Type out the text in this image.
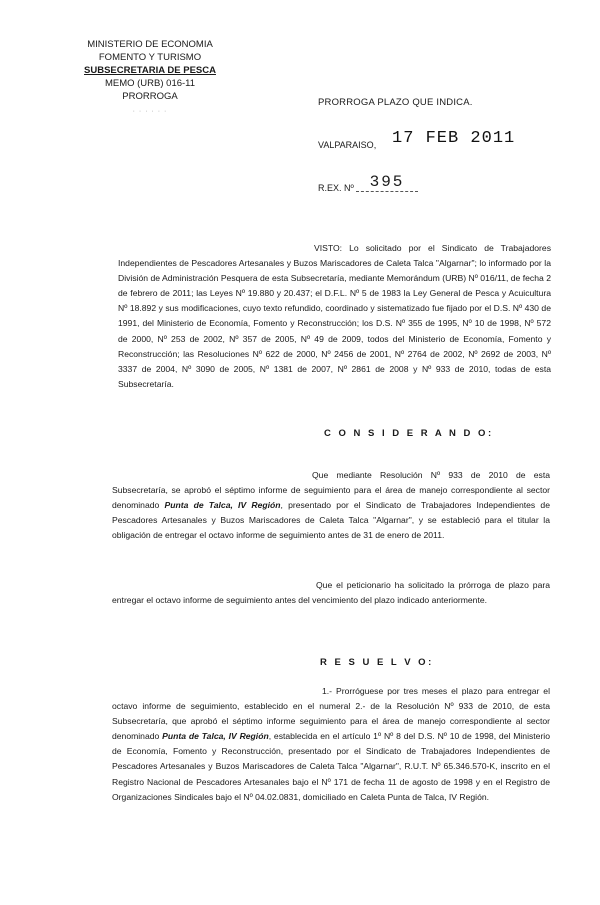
MINISTERIO DE ECONOMIA
FOMENTO Y TURISMO
SUBSECRETARIA DE PESCA
MEMO (URB) 016-11 PRORROGA
· · · · · ·
PRORROGA PLAZO QUE INDICA.
VALPARAISO, 17 FEB 2011
R.EX. Nº 395
VISTO: Lo solicitado por el Sindicato de Trabajadores Independientes de Pescadores Artesanales y Buzos Mariscadores de Caleta Talca "Algarnar"; lo informado por la División de Administración Pesquera de esta Subsecretaría, mediante Memorándum (URB) Nº 016/11, de fecha 2 de febrero de 2011; las Leyes Nº 19.880 y 20.437; el D.F.L. Nº 5 de 1983 la Ley General de Pesca y Acuicultura Nº 18.892 y sus modificaciones, cuyo texto refundido, coordinado y sistematizado fue fijado por el D.S. Nº 430 de 1991, del Ministerio de Economía, Fomento y Reconstrucción; los D.S. Nº 355 de 1995, Nº 10 de 1998, Nº 572 de 2000, Nº 253 de 2002, Nº 357 de 2005, Nº 49 de 2009, todos del Ministerio de Economía, Fomento y Reconstrucción; las Resoluciones Nº 622 de 2000, Nº 2456 de 2001, Nº 2764 de 2002, Nº 2692 de 2003, Nº 3337 de 2004, Nº 3090 de 2005, Nº 1381 de 2007, Nº 2861 de 2008 y Nº 933 de 2010, todas de esta Subsecretaría.
C O N S I D E R A N D O:
Que mediante Resolución Nº 933 de 2010 de esta Subsecretaría, se aprobó el séptimo informe de seguimiento para el área de manejo correspondiente al sector denominado Punta de Talca, IV Región, presentado por el Sindicato de Trabajadores Independientes de Pescadores Artesanales y Buzos Mariscadores de Caleta Talca "Algarnar", y se estableció para el titular la obligación de entregar el octavo informe de seguimiento antes de 31 de enero de 2011.
Que el peticionario ha solicitado la prórroga de plazo para entregar el octavo informe de seguimiento antes del vencimiento del plazo indicado anteriormente.
R E S U E L V O:
1.- Prorróguese por tres meses el plazo para entregar el octavo informe de seguimiento, establecido en el numeral 2.- de la Resolución Nº 933 de 2010, de esta Subsecretaría, que aprobó el séptimo informe seguimiento para el área de manejo correspondiente al sector denominado Punta de Talca, IV Región, establecida en el artículo 1º Nº 8 del D.S. Nº 10 de 1998, del Ministerio de Economía, Fomento y Reconstrucción, presentado por el Sindicato de Trabajadores Independientes de Pescadores Artesanales y Buzos Mariscadores de Caleta Talca "Algarnar", R.U.T. Nº 65.346.570-K, inscrito en el Registro Nacional de Pescadores Artesanales bajo el Nº 171 de fecha 11 de agosto de 1998 y en el Registro de Organizaciones Sindicales bajo el Nº 04.02.0831, domiciliado en Caleta Punta de Talca, IV Región.
